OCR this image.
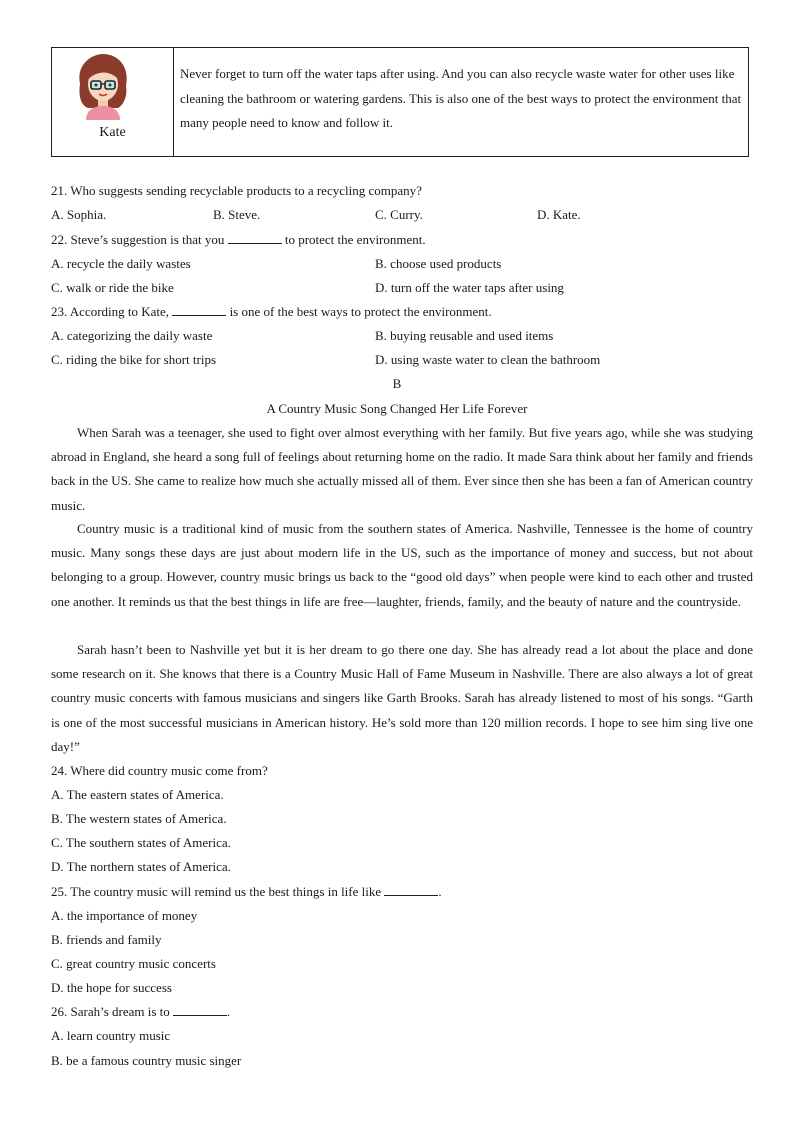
Kate
Never forget to turn off the water taps after using. And you can also recycle waste water for other uses like cleaning the bathroom or watering gardens. This is also one of the best ways to protect the environment that many people need to know and follow it.
21. Who suggests sending recyclable products to a recycling company?
A. Sophia.	B. Steve.	C. Curry.	D. Kate.
22. Steve’s suggestion is that you	to protect the environment.
A. recycle the daily wastes	B. choose used products
C. walk or ride the bike	D. turn off the water taps after using
23. According to Kate,	is one of the best ways to protect the environment.
A. categorizing the daily waste	B. buying reusable and used items
C. riding the bike for short trips	D. using waste water to clean the bathroom
B
A Country Music Song Changed Her Life Forever

When Sarah was a teenager, she used to fight over almost everything with her family. But five years ago, while she was studying abroad in England, she heard a song full of feelings about returning home on the radio. It made Sara think about her family and friends back in the US. She came to realize how much she actually missed all of them. Ever since then she has been a fan of American country music.

Country music is a traditional kind of music from the southern states of America. Nashville, Tennessee is the home of country music. Many songs these days are just about modern life in the US, such as the importance of money and success, but not about belonging to a group. However, country music brings us back to the “good old days” when people were kind to each other and trusted one another. It reminds us that the best things in life are free—laughter, friends, family, and the beauty of nature and the countryside.

Sarah hasn’t been to Nashville yet but it is her dream to go there one day. She has already read a lot about the place and done some research on it. She knows that there is a Country Music Hall of Fame Museum in Nashville. There are also always a lot of great country music concerts with famous musicians and singers like Garth Brooks. Sarah has already listened to most of his songs. “Garth is one of the most successful musicians in American history. He’s sold more than 120 million records. I hope to see him sing live one day!”

24. Where did country music come from?
A. The eastern states of America.
B. The western states of America.
C. The southern states of America.
D. The northern states of America.
25. The country music will remind us the best things in life like	.
A. the importance of money
B. friends and family
C. great country music concerts
D. the hope for success
26. Sarah’s dream is to	.
A. learn country music
B. be a famous country music singer
